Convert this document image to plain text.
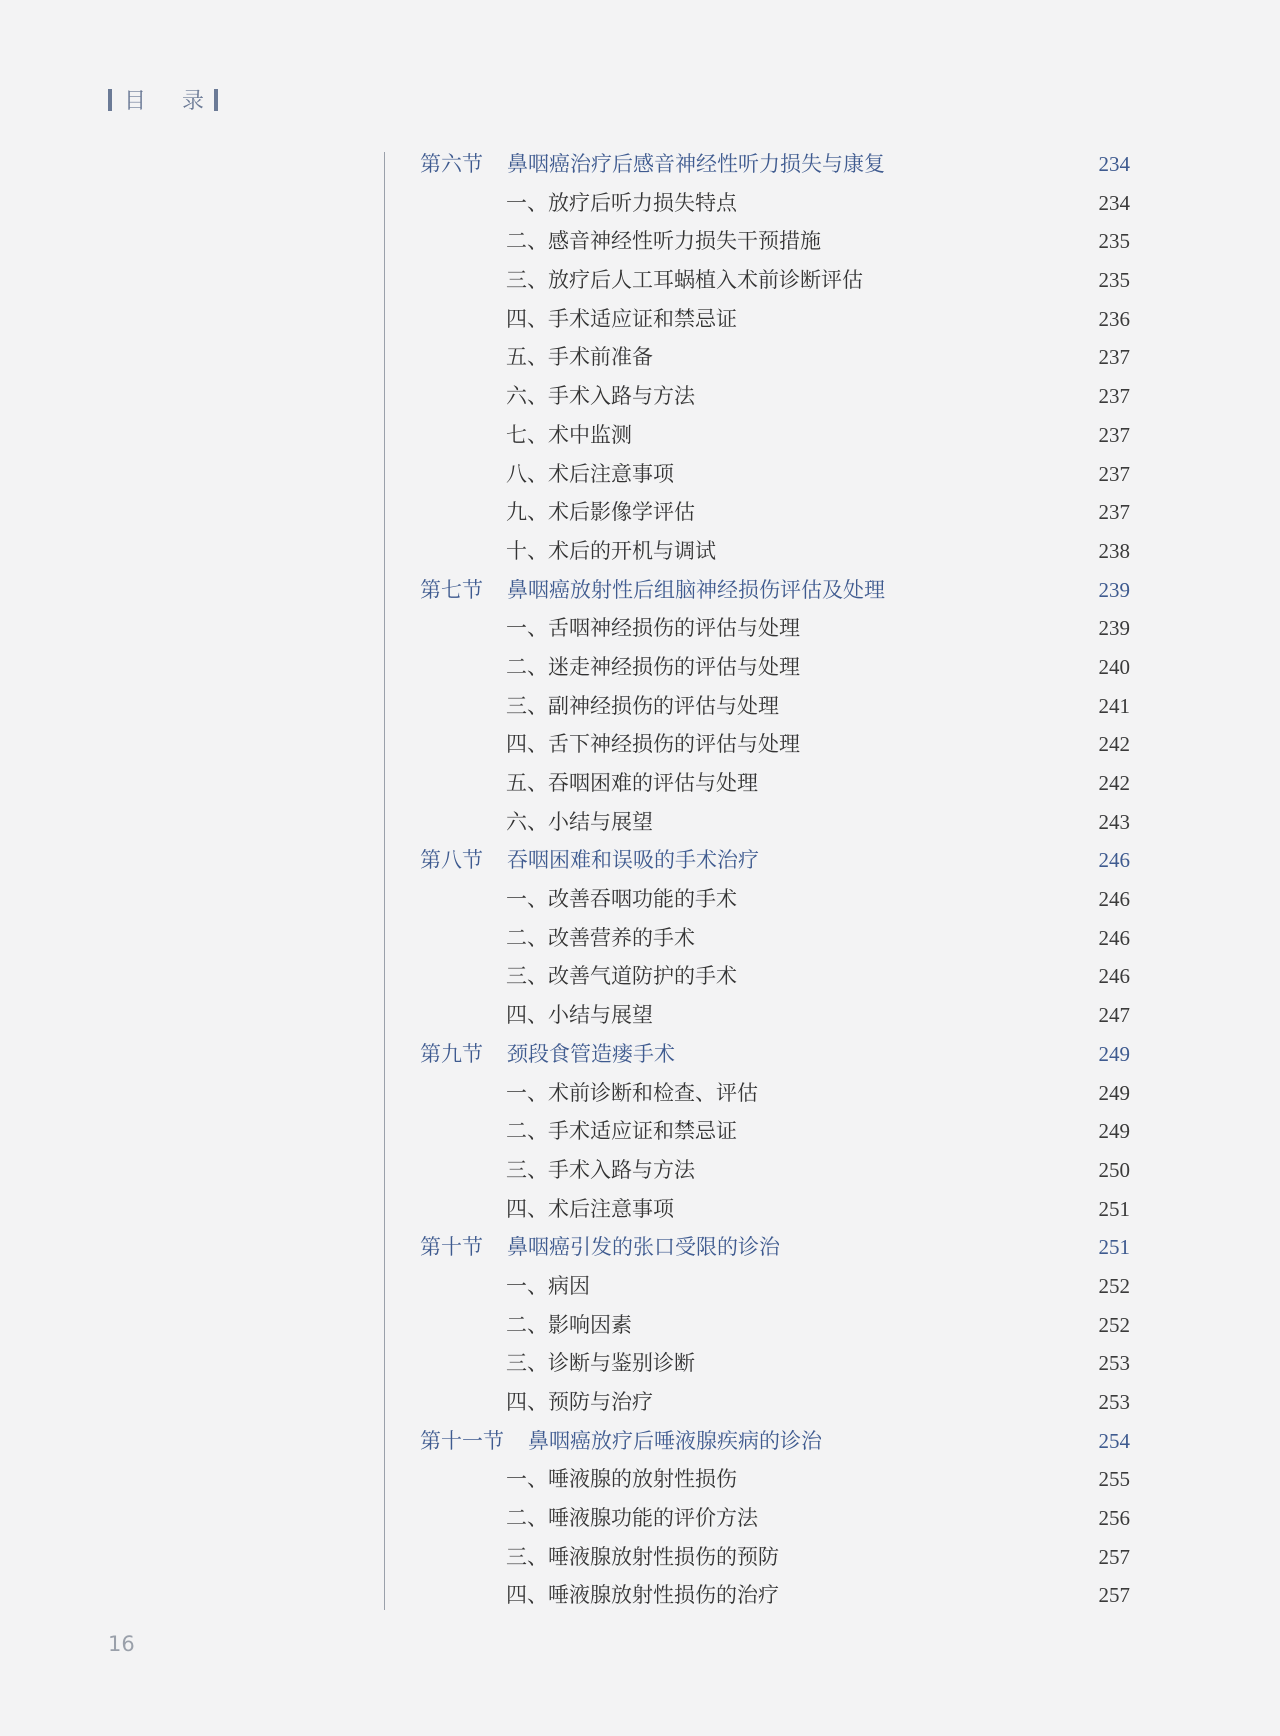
目 录
第六节 鼻咽癌治疗后感音神经性听力损失与康复	234
一、放疗后听力损失特点	234
二、感音神经性听力损失干预措施	235
三、放疗后人工耳蜗植入术前诊断评估	235
四、手术适应证和禁忌证	236
五、手术前准备	237
六、手术入路与方法	237
七、术中监测	237
八、术后注意事项	237
九、术后影像学评估	237
十、术后的开机与调试	238
第七节 鼻咽癌放射性后组脑神经损伤评估及处理	239
一、舌咽神经损伤的评估与处理	239
二、迷走神经损伤的评估与处理	240
三、副神经损伤的评估与处理	241
四、舌下神经损伤的评估与处理	242
五、吞咽困难的评估与处理	242
六、小结与展望	243
第八节 吞咽困难和误吸的手术治疗	246
一、改善吞咽功能的手术	246
二、改善营养的手术	246
三、改善气道防护的手术	246
四、小结与展望	247
第九节 颈段食管造瘘手术	249
一、术前诊断和检查、评估	249
二、手术适应证和禁忌证	249
三、手术入路与方法	250
四、术后注意事项	251
第十节 鼻咽癌引发的张口受限的诊治	251
一、病因	252
二、影响因素	252
三、诊断与鉴别诊断	253
四、预防与治疗	253
第十一节 鼻咽癌放疗后唾液腺疾病的诊治	254
一、唾液腺的放射性损伤	255
二、唾液腺功能的评价方法	256
三、唾液腺放射性损伤的预防	257
四、唾液腺放射性损伤的治疗	257
16
